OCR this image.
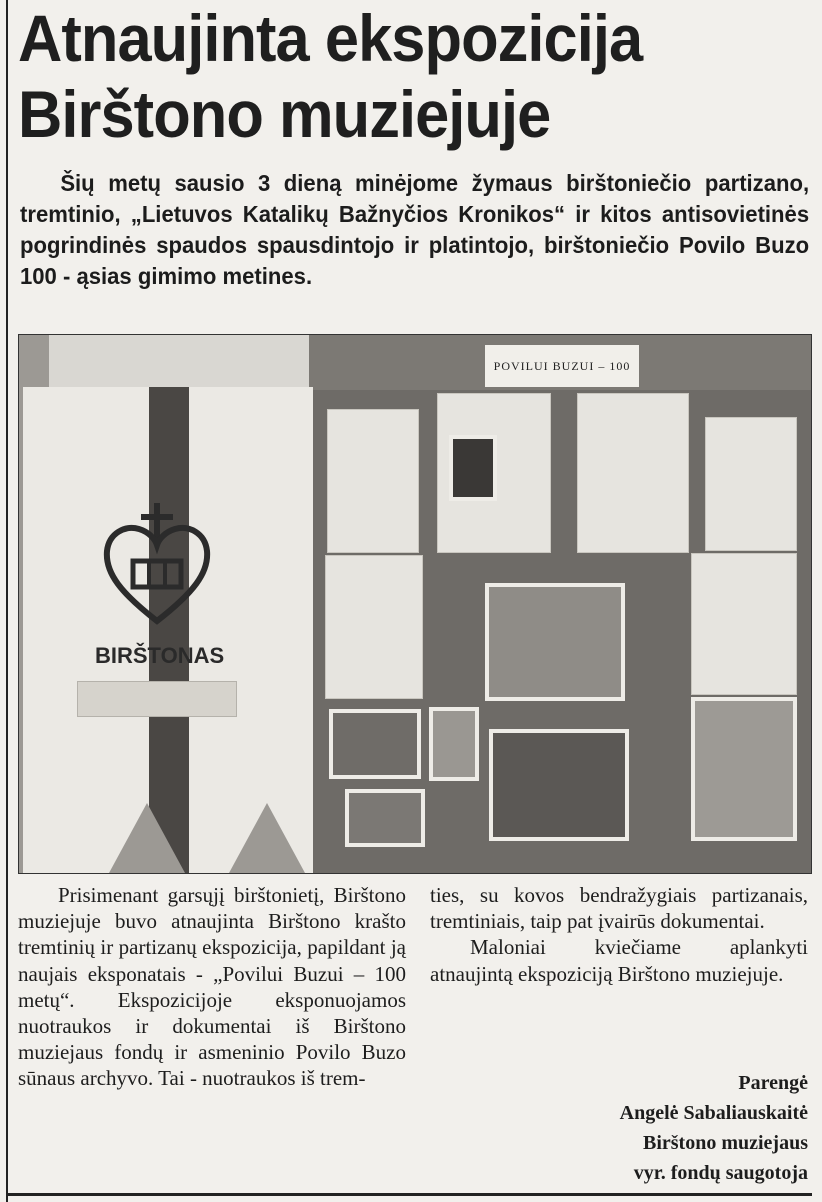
Atnaujinta ekspozicija
Birštono muziejuje
Šių metų sausio 3 dieną minėjome žymaus birštoniečio partizano, tremtinio, „Lietuvos Katalikų Bažnyčios Kronikos“ ir kitos antisovietinės pogrindinės spaudos spausdintojo ir platintojo, birštoniečio Povilo Buzo 100 - ąsias gimimo metines.
BIRŠTONAS
POVILUI BUZUI – 100

Prisimenant garsųjį birštonietį, Birštono muziejuje buvo atnaujinta Birštono krašto tremtinių ir partizanų ekspozicija, papildant ją naujais eksponatais - „Povilui Buzui – 100 metų“. Ekspozicijoje eksponuojamos nuotraukos ir dokumentai iš Birštono muziejaus fondų ir asmeninio Povilo Buzo sūnaus archyvo. Tai - nuotraukos iš trem-

ties, su kovos bendražygiais partizanais, tremtiniais, taip pat įvairūs dokumentai.

Maloniai kviečiame aplankyti atnaujintą ekspoziciją Birštono muziejuje.

Parengė
Angelė Sabaliauskaitė
Birštono muziejaus
vyr. fondų saugotoja
